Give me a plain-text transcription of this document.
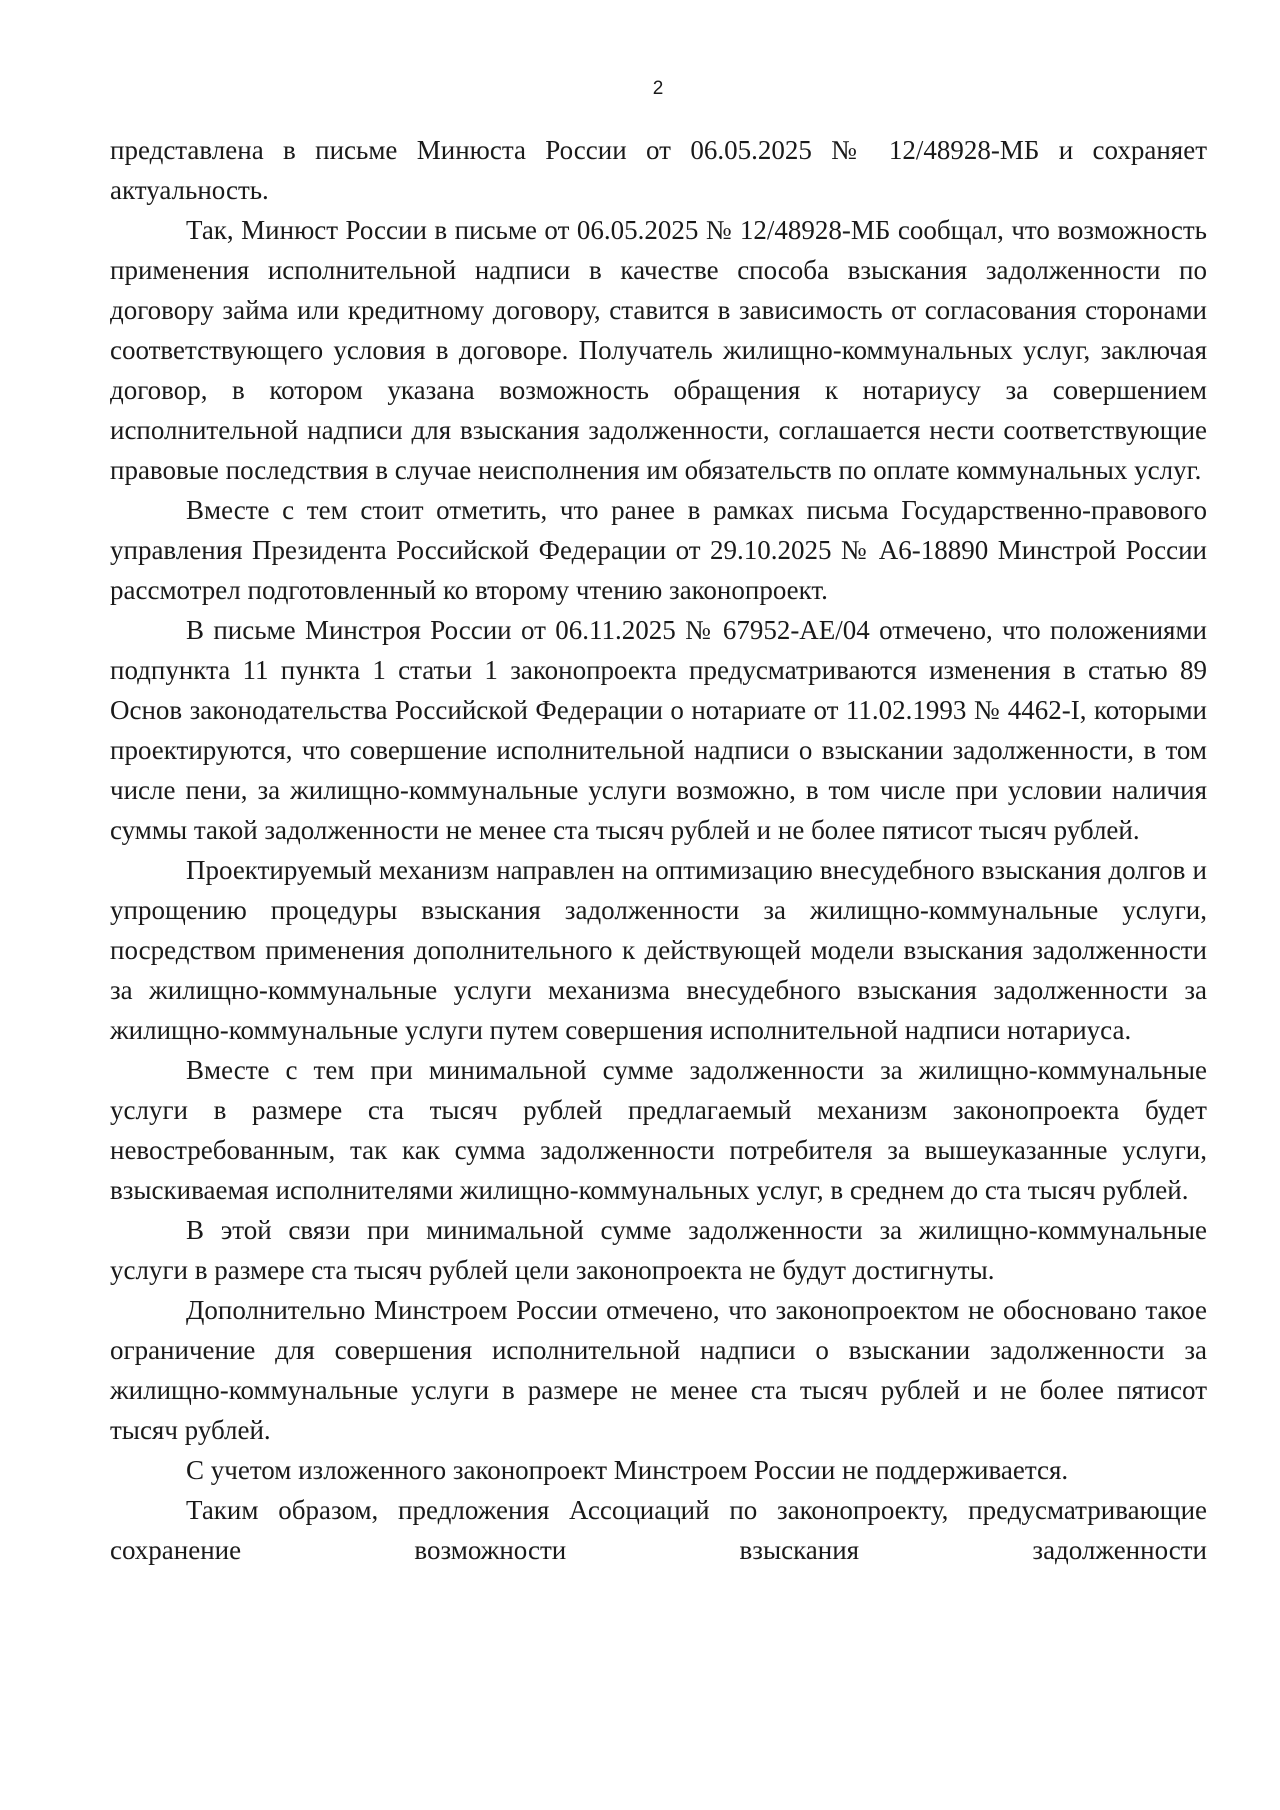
2

представлена в письме Минюста России от 06.05.2025 № 12/48928-МБ и сохраняет актуальность.

Так, Минюст России в письме от 06.05.2025 № 12/48928-МБ сообщал, что возможность применения исполнительной надписи в качестве способа взыскания задолженности по договору займа или кредитному договору, ставится в зависимость от согласования сторонами соответствующего условия в договоре. Получатель жилищно-коммунальных услуг, заключая договор, в котором указана возможность обращения к нотариусу за совершением исполнительной надписи для взыскания задолженности, соглашается нести соответствующие правовые последствия в случае неисполнения им обязательств по оплате коммунальных услуг.

Вместе с тем стоит отметить, что ранее в рамках письма Государственно-правового управления Президента Российской Федерации от 29.10.2025 № А6-18890 Минстрой России рассмотрел подготовленный ко второму чтению законопроект.

В письме Минстроя России от 06.11.2025 № 67952-АЕ/04 отмечено, что положениями подпункта 11 пункта 1 статьи 1 законопроекта предусматриваются изменения в статью 89 Основ законодательства Российской Федерации о нотариате от 11.02.1993 № 4462-I, которыми проектируются, что совершение исполнительной надписи о взыскании задолженности, в том числе пени, за жилищно-коммунальные услуги возможно, в том числе при условии наличия суммы такой задолженности не менее ста тысяч рублей и не более пятисот тысяч рублей.

Проектируемый механизм направлен на оптимизацию внесудебного взыскания долгов и упрощению процедуры взыскания задолженности за жилищно-коммунальные услуги, посредством применения дополнительного к действующей модели взыскания задолженности за жилищно-коммунальные услуги механизма внесудебного взыскания задолженности за жилищно-коммунальные услуги путем совершения исполнительной надписи нотариуса.

Вместе с тем при минимальной сумме задолженности за жилищно-коммунальные услуги в размере ста тысяч рублей предлагаемый механизм законопроекта будет невостребованным, так как сумма задолженности потребителя за вышеуказанные услуги, взыскиваемая исполнителями жилищно-коммунальных услуг, в среднем до ста тысяч рублей.

В этой связи при минимальной сумме задолженности за жилищно-коммунальные услуги в размере ста тысяч рублей цели законопроекта не будут достигнуты.

Дополнительно Минстроем России отмечено, что законопроектом не обосновано такое ограничение для совершения исполнительной надписи о взыскании задолженности за жилищно-коммунальные услуги в размере не менее ста тысяч рублей и не более пятисот тысяч рублей.

С учетом изложенного законопроект Минстроем России не поддерживается.

Таким образом, предложения Ассоциаций по законопроекту, предусматривающие сохранение возможности взыскания задолженности
